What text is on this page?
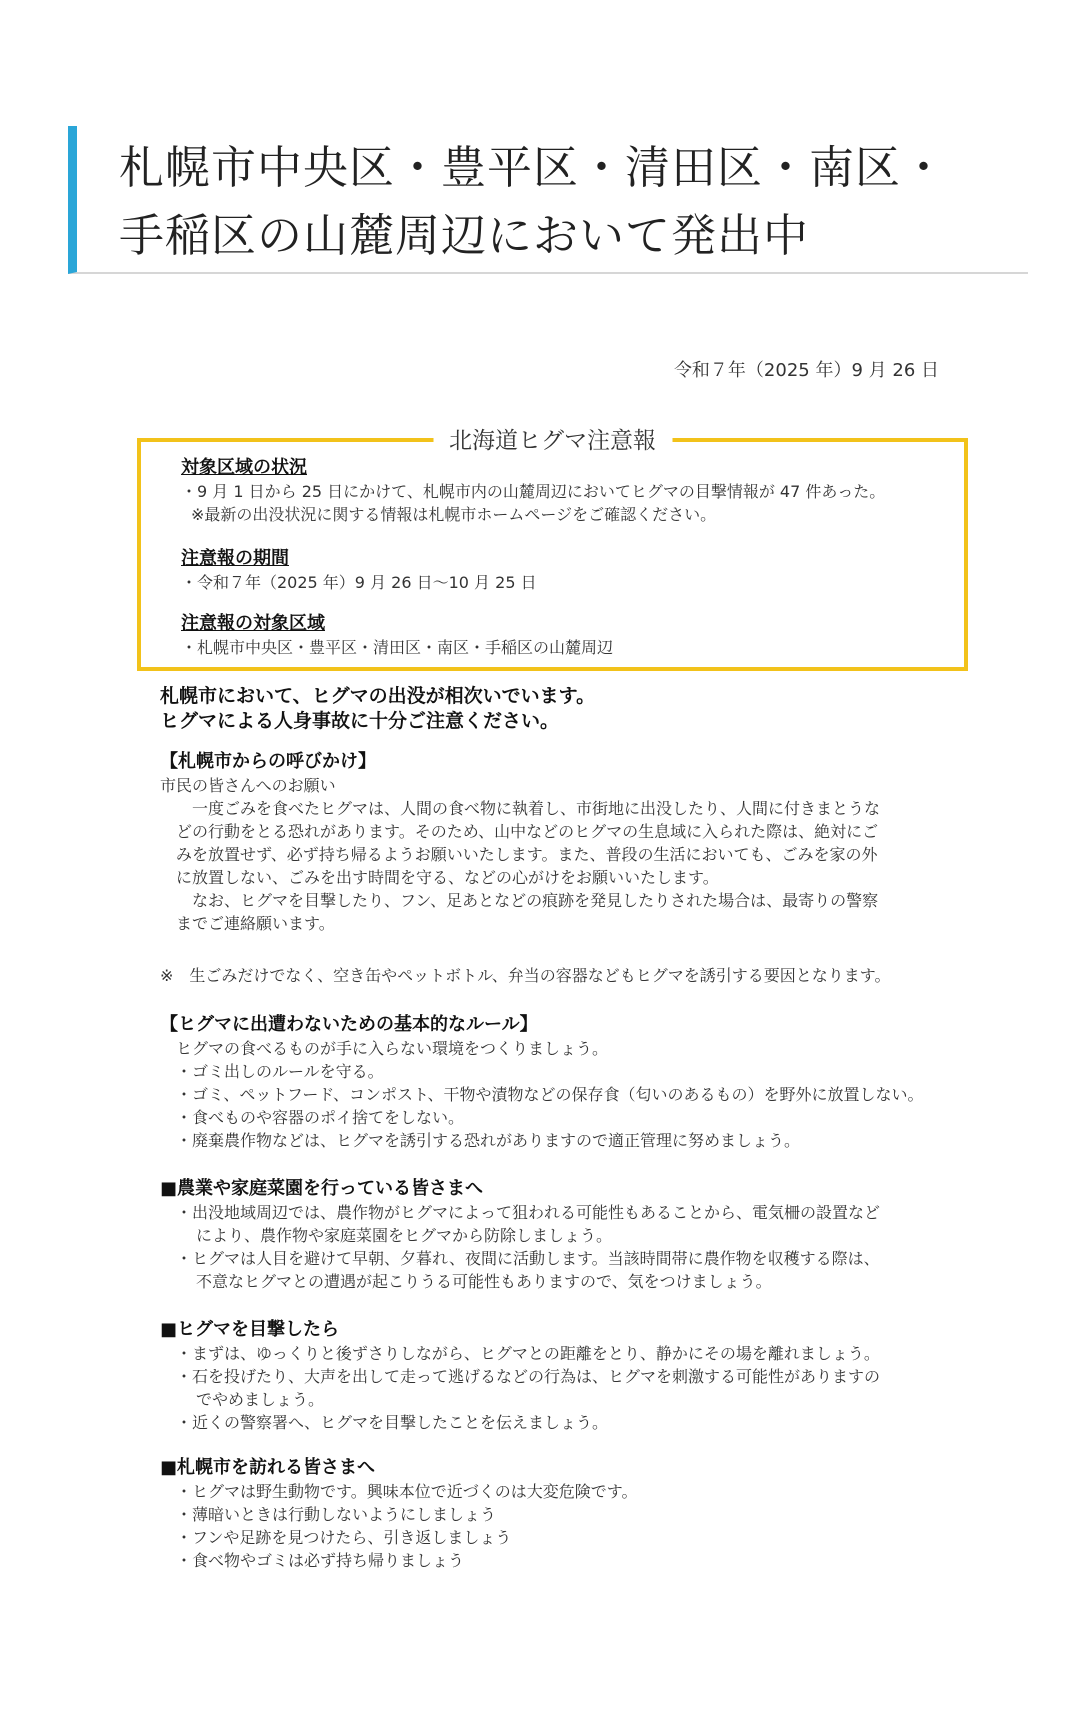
札幌市中央区・豊平区・清田区・南区・
手稲区の山麓周辺において発出中
令和７年（2025 年）9 月 26 日
北海道ヒグマ注意報
対象区域の状況
・9 月 1 日から 25 日にかけて、札幌市内の山麓周辺においてヒグマの目撃情報が 47 件あった。
※最新の出没状況に関する情報は札幌市ホームページをご確認ください。
注意報の期間
・令和７年（2025 年）9 月 26 日～10 月 25 日
注意報の対象区域
・札幌市中央区・豊平区・清田区・南区・手稲区の山麓周辺
札幌市において、ヒグマの出没が相次いでいます。
ヒグマによる人身事故に十分ご注意ください。
【札幌市からの呼びかけ】
市民の皆さんへのお願い
一度ごみを食べたヒグマは、人間の食べ物に執着し、市街地に出没したり、人間に付きまとうな
どの行動をとる恐れがあります。そのため、山中などのヒグマの生息域に入られた際は、絶対にご
みを放置せず、必ず持ち帰るようお願いいたします。また、普段の生活においても、ごみを家の外
に放置しない、ごみを出す時間を守る、などの心がけをお願いいたします。
なお、ヒグマを目撃したり、フン、足あとなどの痕跡を発見したりされた場合は、最寄りの警察
までご連絡願います。
※　生ごみだけでなく、空き缶やペットボトル、弁当の容器などもヒグマを誘引する要因となります。
【ヒグマに出遭わないための基本的なルール】
ヒグマの食べるものが手に入らない環境をつくりましょう。
・ゴミ出しのルールを守る。
・ゴミ、ペットフード、コンポスト、干物や漬物などの保存食（匂いのあるもの）を野外に放置しない。
・食べものや容器のポイ捨てをしない。
・廃棄農作物などは、ヒグマを誘引する恐れがありますので適正管理に努めましょう。
■農業や家庭菜園を行っている皆さまへ
・出没地域周辺では、農作物がヒグマによって狙われる可能性もあることから、電気柵の設置など
により、農作物や家庭菜園をヒグマから防除しましょう。
・ヒグマは人目を避けて早朝、夕暮れ、夜間に活動します。当該時間帯に農作物を収穫する際は、
不意なヒグマとの遭遇が起こりうる可能性もありますので、気をつけましょう。
■ヒグマを目撃したら
・まずは、ゆっくりと後ずさりしながら、ヒグマとの距離をとり、静かにその場を離れましょう。
・石を投げたり、大声を出して走って逃げるなどの行為は、ヒグマを刺激する可能性がありますの
でやめましょう。
・近くの警察署へ、ヒグマを目撃したことを伝えましょう。
■札幌市を訪れる皆さまへ
・ヒグマは野生動物です。興味本位で近づくのは大変危険です。
・薄暗いときは行動しないようにしましょう
・フンや足跡を見つけたら、引き返しましょう
・食べ物やゴミは必ず持ち帰りましょう
